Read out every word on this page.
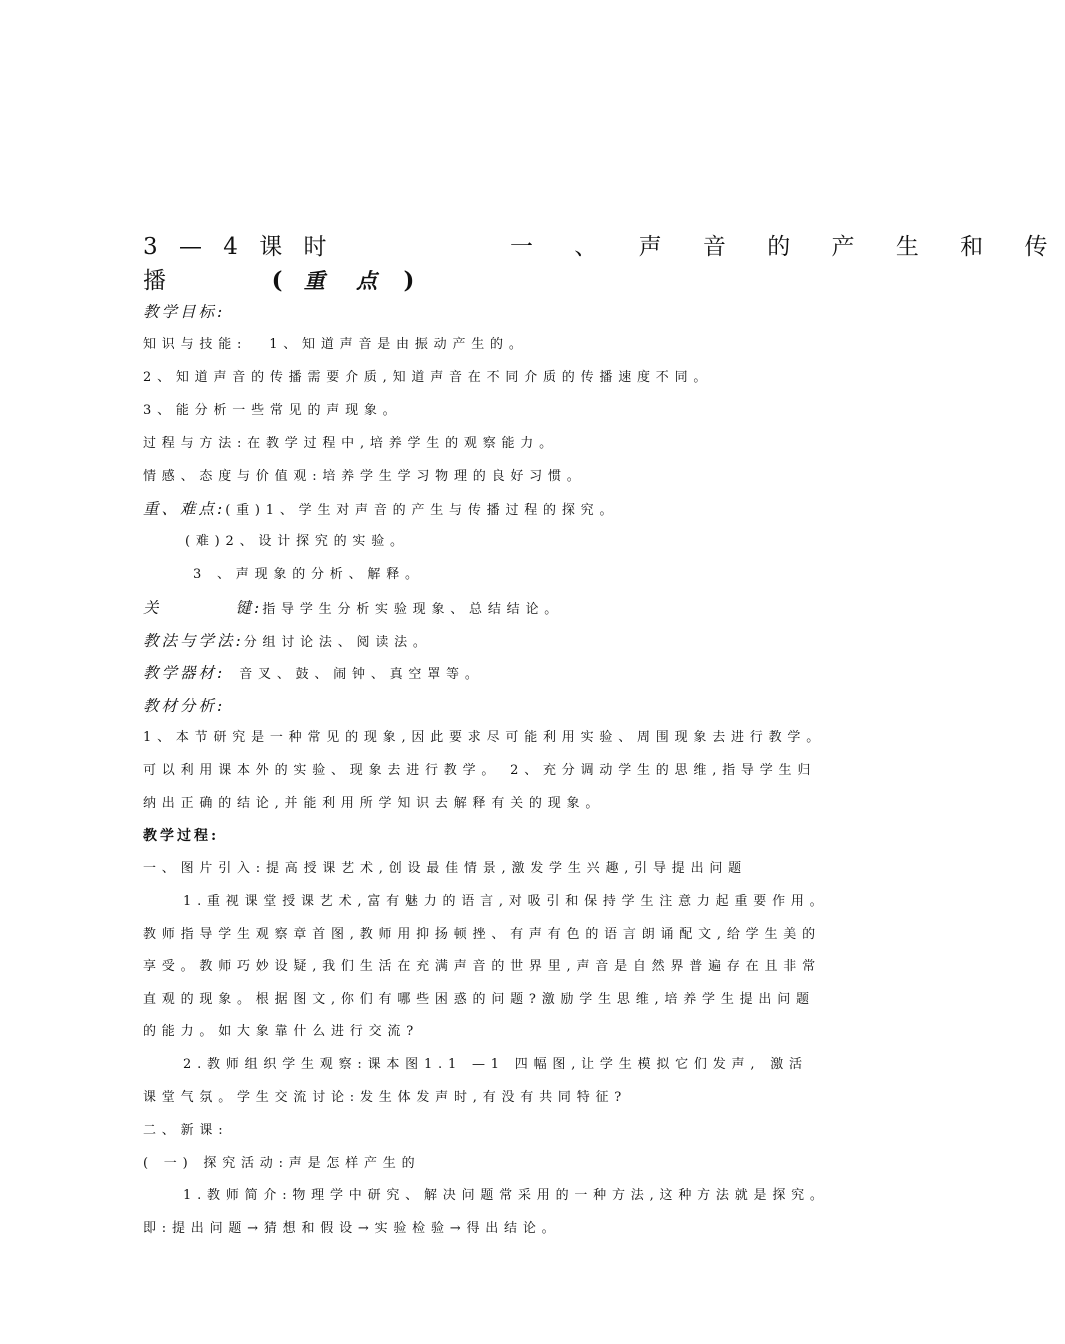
3 — 4 课 时	一 、 声 音 的 产 生 和 传
播	( 重 点 )
教学目标:
知识与技能: 1、知道声音是由振动产生的。
2、知道声音的传播需要介质,知道声音在不同介质的传播速度不同。
3、能分析一些常见的声现象。
过程与方法:在教学过程中,培养学生的观察能力。
情感、态度与价值观:培养学生学习物理的良好习惯。
重、难点:(重)1、学生对声音的产生与传播过程的探究。
(难)2、设计探究的实验。
3 、声现象的分析、解释。
关	键:指导学生分析实验现象、总结结论。
教法与学法:分组讨论法、阅读法。
教学器材: 音叉、鼓、闹钟、真空罩等。
教材分析:
1、本节研究是一种常见的现象,因此要求尽可能利用实验、周围现象去进行教学。
可以利用课本外的实验、现象去进行教学。 2、充分调动学生的思维,指导学生归
纳出正确的结论,并能利用所学知识去解释有关的现象。
教学过程:
一、图片引入:提高授课艺术,创设最佳情景,激发学生兴趣,引导提出问题
1.重视课堂授课艺术,富有魅力的语言,对吸引和保持学生注意力起重要作用。
教师指导学生观察章首图,教师用抑扬顿挫、有声有色的语言朗诵配文,给学生美的
享受。教师巧妙设疑,我们生活在充满声音的世界里,声音是自然界普遍存在且非常
直观的现象。根据图文,你们有哪些困惑的问题?激励学生思维,培养学生提出问题
的能力。如大象靠什么进行交流?
2.教师组织学生观察:课本图1.1 —1 四幅图,让学生模拟它们发声, 激活
课堂气氛。学生交流讨论:发生体发声时,有没有共同特征?
二、新课:
( 一) 探究活动:声是怎样产生的
1.教师简介:物理学中研究、解决问题常采用的一种方法,这种方法就是探究。
即:提出问题→猜想和假设→实验检验→得出结论。
